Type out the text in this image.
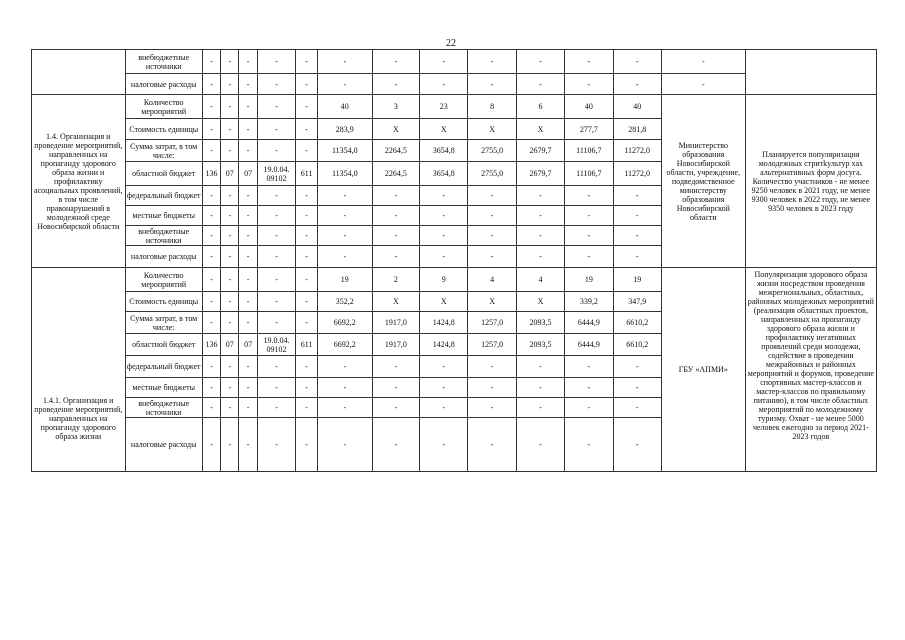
22
	внебюджетные источники	-	-	-	-	-	-	-	-	-	-	-	-	-	
	налоговые расходы	-	-	-	-	-	-	-	-	-	-	-	-	-	
1.4. Организация и проведение мероприятий, направленных на пропаганду здорового образа жизни и профилактику асоциальных проявлений, в том числе правонарушений в молодежной среде Новосибирской области	Количество мероприятий	-	-	-	-	-	40	3	23	8	6	40	40	Министерство образования Новосибирской области, учреждение, подведомственное министерству образования Новосибирской области	Планируется популяризация молодежных стритkультур хах альтернативных форм досуга. Количество участников - не менее 9250 человек в 2021 году, не менее 9300 человек в 2022 году, не менее 9350 человек в 2023 году
	Стоимость единицы	-	-	-	-	-	283,9	X	X	X	X	277,7	281,8		
	Сумма затрат, в том числе:	-	-	-	-	-	11354,0	2264,5	3654,8	2755,0	2679,7	11106,7	11272,0		
	областной бюджет	136	07	07	19.0.04. 09102	611	11354,0	2264,5	3654,8	2755,0	2679,7	11106,7	11272,0		
	федеральный бюджет	-	-	-	-	-	-	-	-	-	-	-	-		
	местные бюджеты	-	-	-	-	-	-	-	-	-	-	-	-		
	внебюджетные источники	-	-	-	-	-	-	-	-	-	-	-	-		
	налоговые расходы	-	-	-	-	-	-	-	-	-	-	-	-		
1.4.1. Организация и проведение мероприятий, направленных на пропаганду здорового образа жизни	Количество мероприятий	-	-	-	-	-	19	2	9	4	4	19	19	ГБУ «АПМИ»	Популяризация здорового образа жизни посредством проведения межрегиональных, областных, районных молодежных мероприятий (реализация областных проектов, направленных на пропаганду здорового образа жизни и профилактику негативных проявлений среди молодежи, содействие в проведении межрайонных и районных мероприятий и форумов, проведение спортивных мастер-классов и мастер-классов по правильному питанию), в том числе областных мероприятий по молодежному туризму. Охват - не менее 5000 человек ежегодно за период 2021-2023 годов
	Стоимость единицы	-	-	-	-	-	352,2	X	X	X	X	339,2	347,9		
	Сумма затрат, в том числе:	-	-	-	-	-	6692,2	1917,0	1424,8	1257,0	2093,5	6444,9	6610,2		
	областной бюджет	136	07	07	19.0.04. 09102	611	6692,2	1917,0	1424,8	1257,0	2093,5	6444,9	6610,2		
	федеральный бюджет	-	-	-	-	-	-	-	-	-	-	-	-		
	местные бюджеты	-	-	-	-	-	-	-	-	-	-	-	-		
	внебюджетные источники	-	-	-	-	-	-	-	-	-	-	-	-		
	налоговые расходы	-	-	-	-	-	-	-	-	-	-	-	-		
